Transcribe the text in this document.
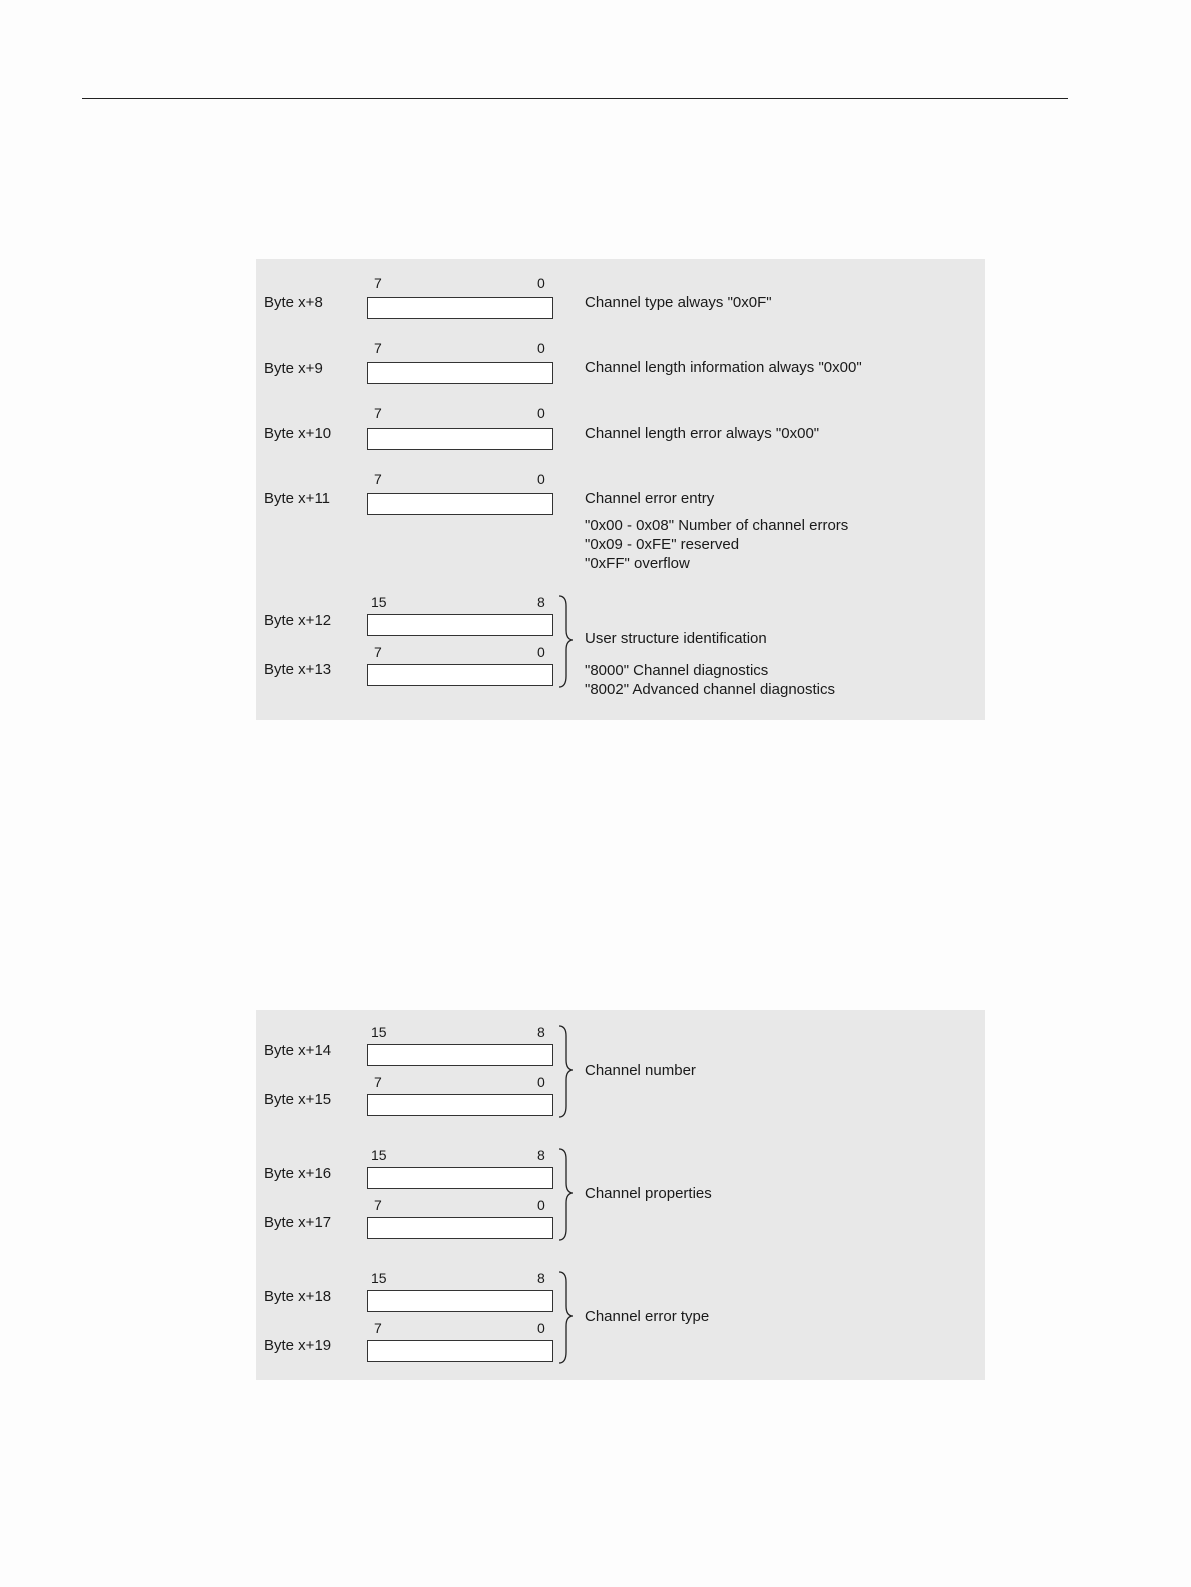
7	0
Byte x+8	Channel type always "0x0F"
7	0
Byte x+9	Channel length information always "0x00"
7	0
Byte x+10	Channel length error always "0x00"
7	0
Byte x+11	Channel error entry
"0x00 - 0x08" Number of channel errors
"0x09 - 0xFE" reserved
"0xFF" overflow
15	8
Byte x+12
7	0
Byte x+13
User structure identification
"8000" Channel diagnostics
"8002" Advanced channel diagnostics
15	8
Byte x+14
7	0
Byte x+15
Channel number
15	8
Byte x+16
7	0
Byte x+17
Channel properties
15	8
Byte x+18
7	0
Byte x+19
Channel error type
